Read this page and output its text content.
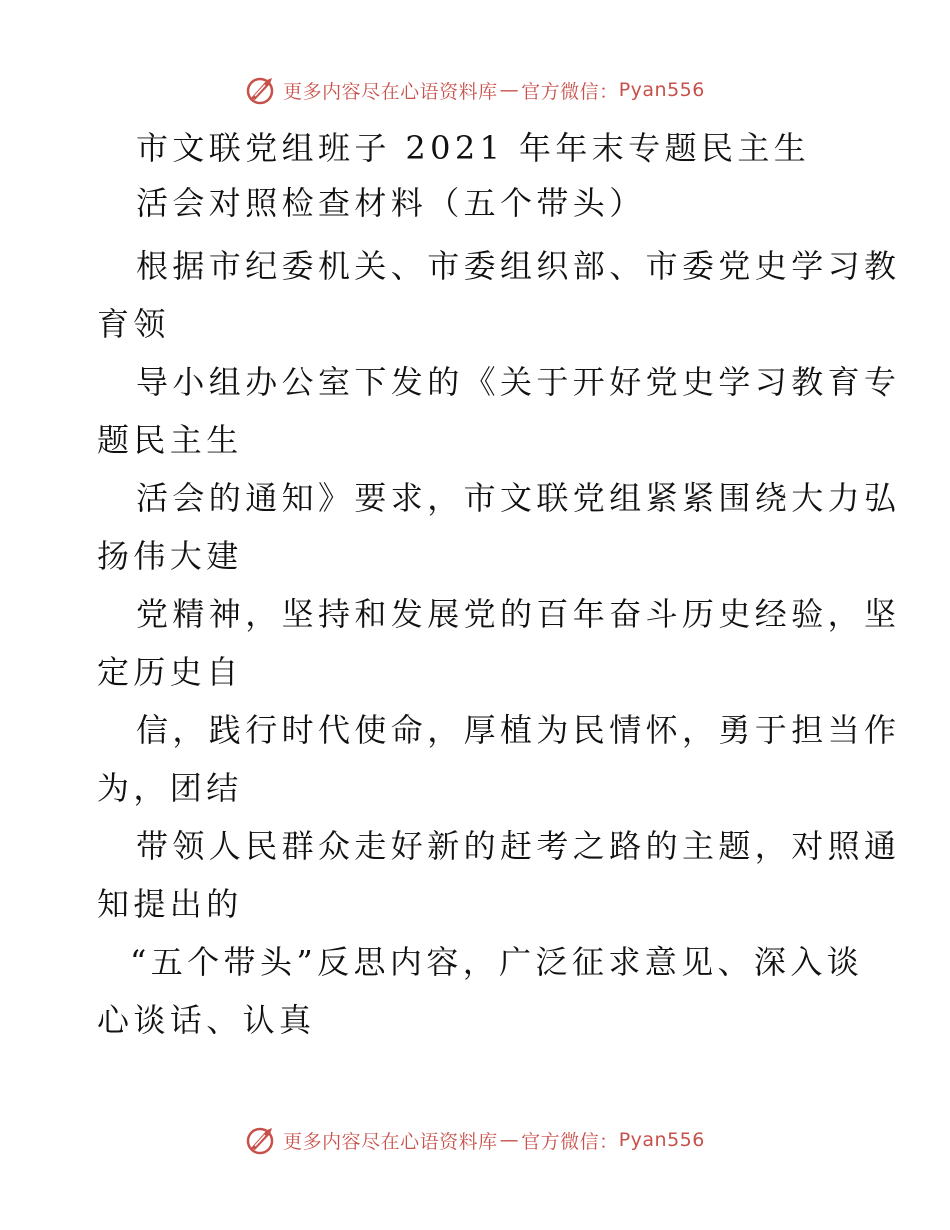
更多内容尽在心语资料库 — 官方微信： Pyan556
市文联党组班子 2021 年年末专题民主生
活会对照检查材料（五个带头）
根据市纪委机关、市委组织部、市委党史学习教
育领
导小组办公室下发的《关于开好党史学习教育专
题民主生
活会的通知》要求，市文联党组紧紧围绕大力弘
扬伟大建
党精神，坚持和发展党的百年奋斗历史经验，坚
定历史自
信，践行时代使命，厚植为民情怀，勇于担当作
为，团结
带领人民群众走好新的赶考之路的主题，对照通
知提出的
“五个带头”反思内容，广泛征求意见、深入谈
心谈话、认真
更多内容尽在心语资料库 — 官方微信： Pyan556
